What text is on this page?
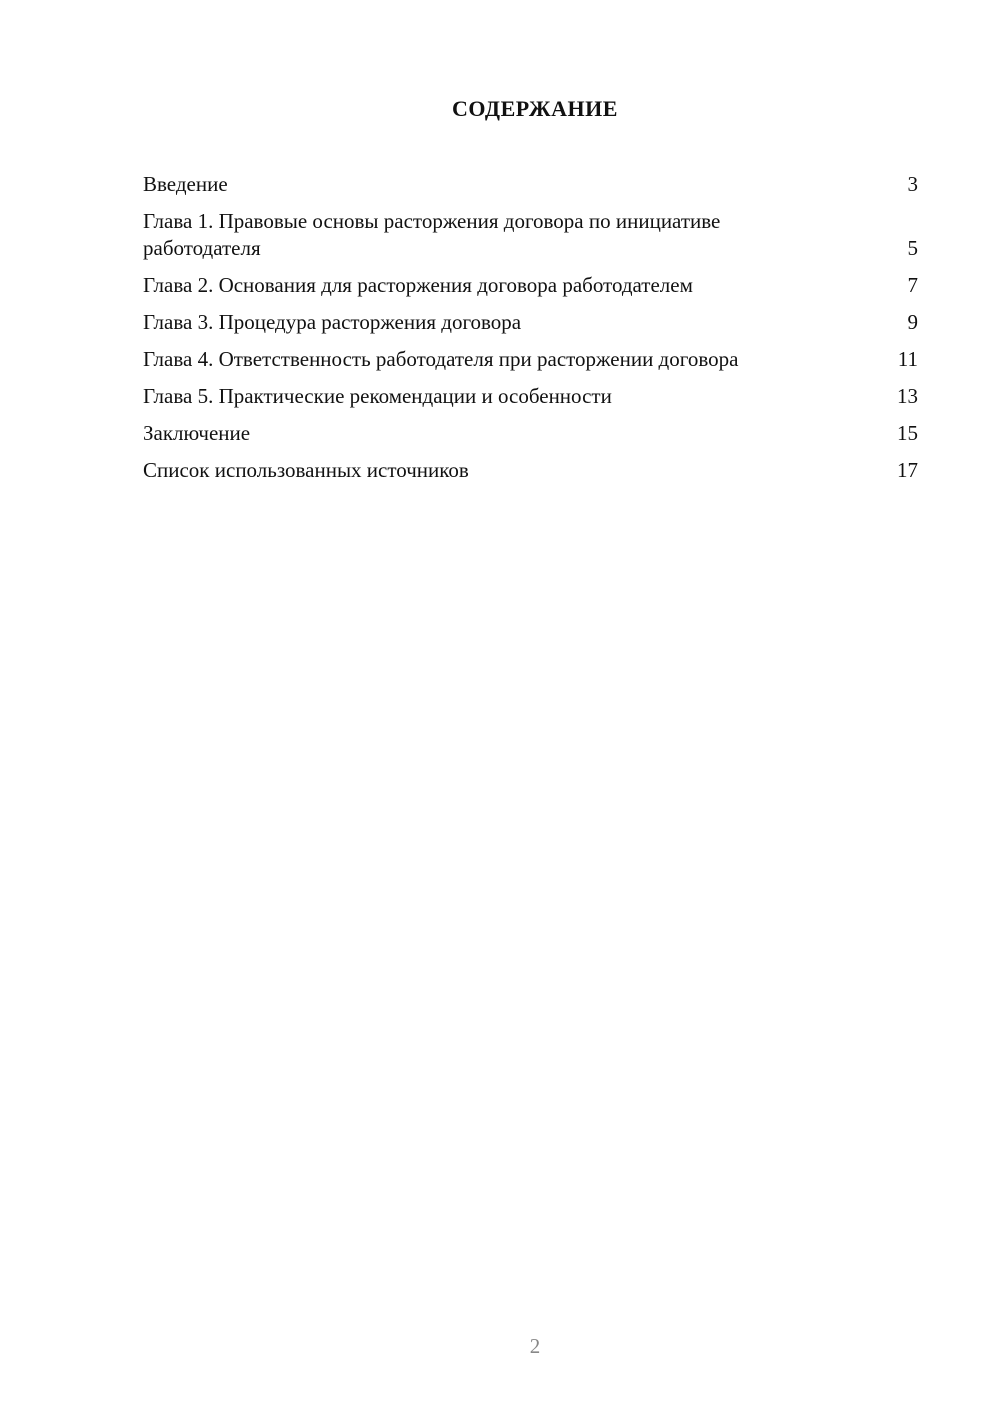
СОДЕРЖАНИЕ
Введение	3
Глава 1. Правовые основы расторжения договора по инициативе работодателя	5
Глава 2. Основания для расторжения договора работодателем	7
Глава 3. Процедура расторжения договора	9
Глава 4. Ответственность работодателя при расторжении договора	11
Глава 5. Практические рекомендации и особенности	13
Заключение	15
Список использованных источников	17
2
